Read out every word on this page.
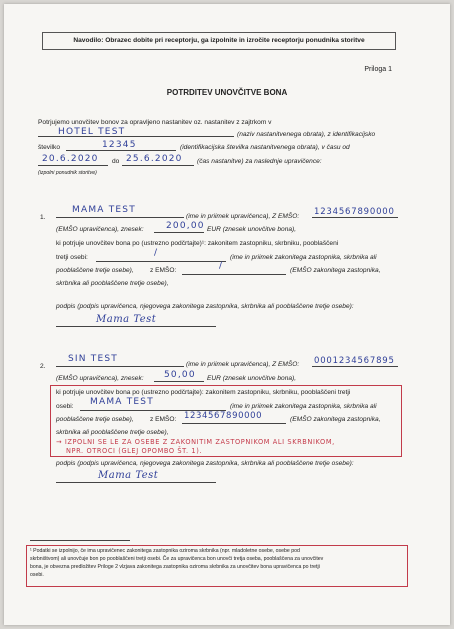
Navodilo: Obrazec dobite pri receptorju, ga izpolnite in izročite receptorju ponudnika storitve
Priloga 1
POTRDITEV UNOVČITVE BONA
Potrjujemo unovčitev bonov za opravljeno nastanitev oz. nastanitev z zajtrkom v
HOTEL TEST	(naziv nastanitvenega obrata), z identifikacijsko
številko	12345	(identifikacijska številka nastanitvenega obrata), v času od
20.6.2020 do 25.6.2020 (čas nastanitve) za naslednje upravičence:
(izpolni ponudnik storitve)
1.
MAMA TEST
(ime in priimek upravičenca), Z EMŠO: 1234567890000
(EMŠO upravičenca), znesek: 200,00 EUR (znesek unovčitve bona),
ki potrjuje unovčitev bona po (ustrezno podčrtajte)¹: zakonitem zastopniku, skrbniku, pooblaščeni
tretji osebi:	/	(ime in priimek zakonitega zastopnika, skrbnika ali
pooblaščene tretje osebe), z EMŠO:	/	(EMŠO zakonitega zastopnika,
skrbnika ali pooblaščene tretje osebe),
podpis (podpis upravičenca, njegovega zakonitega zastopnika, skrbnika ali pooblaščene tretje osebe):
Mama Test
2.
SIN TEST
(ime in priimek upravičenca), Z EMŠO: 0001234567895
(EMŠO upravičenca), znesek: 50,00 EUR (znesek unovčitve bona),
ki potrjuje unovčitev bona po (ustrezno podčrtajte): zakonitem zastopniku, skrbniku, pooblaščeni tretji
osebi: MAMA TEST	(ime in priimek zakonitega zastopnika, skrbnika ali
pooblaščene tretje osebe), z EMŠO: 1234567890000	(EMŠO zakonitega zastopnika,
skrbnika ali pooblaščene tretje osebe),
→ IZPOLNI SE LE ZA OSEBE Z ZAKONITIM ZASTOPNIKOM ALI SKRBNIKOM,
NPR. OTROCI (GLEJ OPOMBO ŠT. 1).
podpis (podpis upravičenca, njegovega zakonitega zastopnika, skrbnika ali pooblaščene tretje osebe):
Mama Test
¹ Podatki se izpolnijo, če ima upravičenec zakonitega zastopnika oziroma skrbnika (npr. mladoletne osebe, osebe pod
skrbništvom) ali unovčuje bon po pooblaščeni tretji osebi. Če za upravičenca bon unovči tretja oseba, pooblaščena za unovčitev
bona, je obvezna predložitev Priloge 2 vlzjava zakonitega zastopnika oziroma skrbnika za unovčitev bona upravičenca po tretji
osebi.
